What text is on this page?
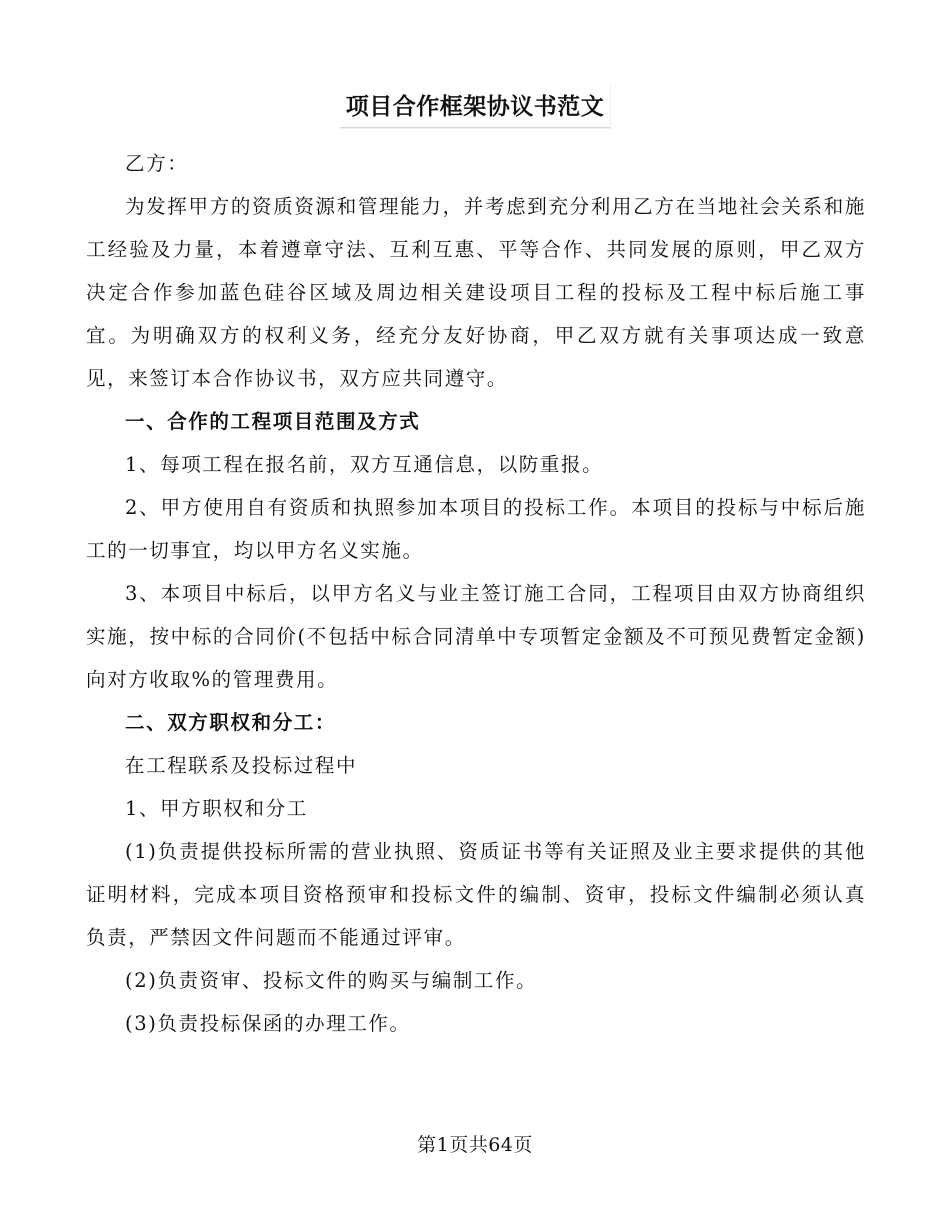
项目合作框架协议书范文

乙方：

为发挥甲方的资质资源和管理能力，并考虑到充分利用乙方在当地社会关系和施工经验及力量，本着遵章守法、互利互惠、平等合作、共同发展的原则，甲乙双方决定合作参加蓝色硅谷区域及周边相关建设项目工程的投标及工程中标后施工事宜。为明确双方的权利义务，经充分友好协商，甲乙双方就有关事项达成一致意见，来签订本合作协议书，双方应共同遵守。

一、合作的工程项目范围及方式

1、每项工程在报名前，双方互通信息，以防重报。

2、甲方使用自有资质和执照参加本项目的投标工作。本项目的投标与中标后施工的一切事宜，均以甲方名义实施。

3、本项目中标后，以甲方名义与业主签订施工合同，工程项目由双方协商组织实施，按中标的合同价(不包括中标合同清单中专项暂定金额及不可预见费暂定金额)向对方收取%的管理费用。

二、双方职权和分工：

在工程联系及投标过程中

1、甲方职权和分工

(1)负责提供投标所需的营业执照、资质证书等有关证照及业主要求提供的其他证明材料，完成本项目资格预审和投标文件的编制、资审，投标文件编制必须认真负责，严禁因文件问题而不能通过评审。

(2)负责资审、投标文件的购买与编制工作。

(3)负责投标保函的办理工作。

第1页共64页
